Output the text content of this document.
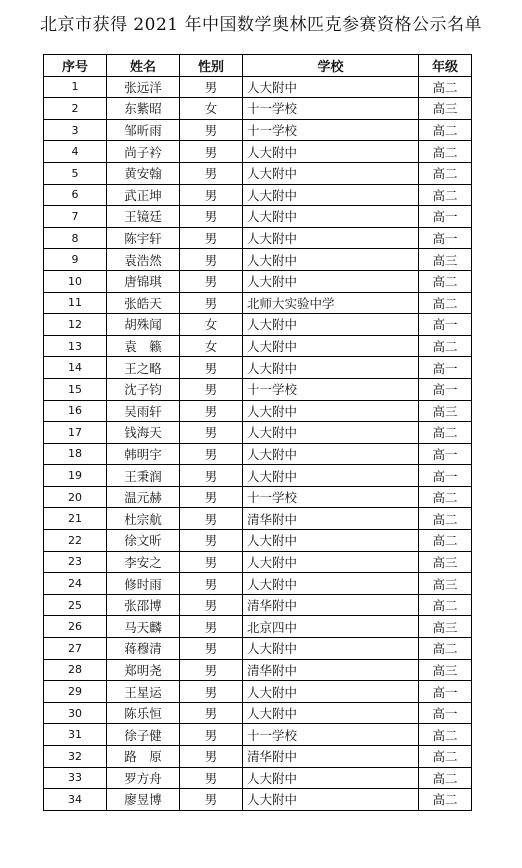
北京市获得 2021 年中国数学奥林匹克参赛资格公示名单
序号	姓名	性别	学校	年级
1	张远洋	男	人大附中	高二
2	东紫昭	女	十一学校	高三
3	邹昕雨	男	十一学校	高二
4	尚子衿	男	人大附中	高二
5	黄安翰	男	人大附中	高二
6	武正坤	男	人大附中	高二
7	王镜廷	男	人大附中	高一
8	陈宇轩	男	人大附中	高一
9	袁浩然	男	人大附中	高三
10	唐锦琪	男	人大附中	高二
11	张皓天	男	北师大实验中学	高二
12	胡殊闻	女	人大附中	高一
13	袁　籁	女	人大附中	高二
14	王之略	男	人大附中	高一
15	沈子钧	男	十一学校	高一
16	吴雨轩	男	人大附中	高三
17	钱海天	男	人大附中	高二
18	韩明宇	男	人大附中	高一
19	王秉润	男	人大附中	高一
20	温元赫	男	十一学校	高二
21	杜宗航	男	清华附中	高二
22	徐文昕	男	人大附中	高二
23	李安之	男	人大附中	高三
24	修时雨	男	人大附中	高三
25	张邵博	男	清华附中	高二
26	马天麟	男	北京四中	高三
27	蒋穆清	男	人大附中	高二
28	郑明尧	男	清华附中	高三
29	王星运	男	人大附中	高一
30	陈乐恒	男	人大附中	高一
31	徐子健	男	十一学校	高二
32	路　原	男	清华附中	高二
33	罗方舟	男	人大附中	高二
34	廖昱博	男	人大附中	高二
